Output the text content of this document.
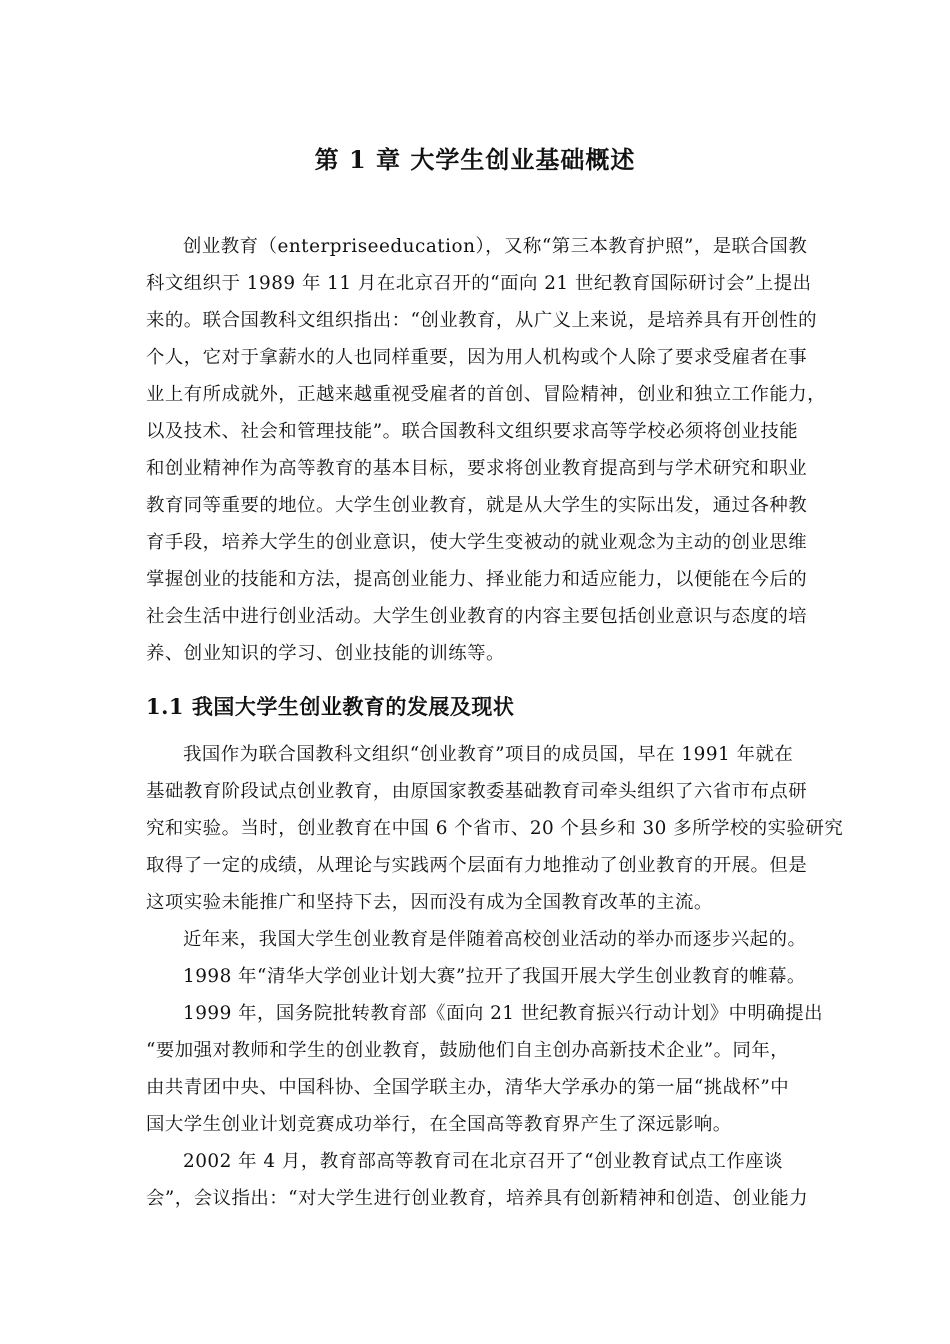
第 1 章 大学生创业基础概述
创业教育（enterpriseeducation），又称“第三本教育护照”，是联合国教
科文组织于 1989 年 11 月在北京召开的“面向 21 世纪教育国际研讨会”上提出
来的。联合国教科文组织指出：“创业教育，从广义上来说，是培养具有开创性的
个人，它对于拿薪水的人也同样重要，因为用人机构或个人除了要求受雇者在事
业上有所成就外，正越来越重视受雇者的首创、冒险精神，创业和独立工作能力，
以及技术、社会和管理技能”。联合国教科文组织要求高等学校必须将创业技能
和创业精神作为高等教育的基本目标，要求将创业教育提高到与学术研究和职业
教育同等重要的地位。大学生创业教育，就是从大学生的实际出发，通过各种教
育手段，培养大学生的创业意识，使大学生变被动的就业观念为主动的创业思维
掌握创业的技能和方法，提高创业能力、择业能力和适应能力，以便能在今后的
社会生活中进行创业活动。大学生创业教育的内容主要包括创业意识与态度的培
养、创业知识的学习、创业技能的训练等。
1.1 我国大学生创业教育的发展及现状
我国作为联合国教科文组织“创业教育”项目的成员国，早在 1991 年就在
基础教育阶段试点创业教育，由原国家教委基础教育司牵头组织了六省市布点研
究和实验。当时，创业教育在中国 6 个省市、20 个县乡和 30 多所学校的实验研究
取得了一定的成绩，从理论与实践两个层面有力地推动了创业教育的开展。但是
这项实验未能推广和坚持下去，因而没有成为全国教育改革的主流。
近年来，我国大学生创业教育是伴随着高校创业活动的举办而逐步兴起的。
1998 年“清华大学创业计划大赛”拉开了我国开展大学生创业教育的帷幕。
1999 年，国务院批转教育部《面向 21 世纪教育振兴行动计划》中明确提出
“要加强对教师和学生的创业教育，鼓励他们自主创办高新技术企业”。同年，
由共青团中央、中国科协、全国学联主办，清华大学承办的第一届“挑战杯”中
国大学生创业计划竞赛成功举行，在全国高等教育界产生了深远影响。
2002 年 4 月，教育部高等教育司在北京召开了“创业教育试点工作座谈
会”，会议指出：“对大学生进行创业教育，培养具有创新精神和创造、创业能力
